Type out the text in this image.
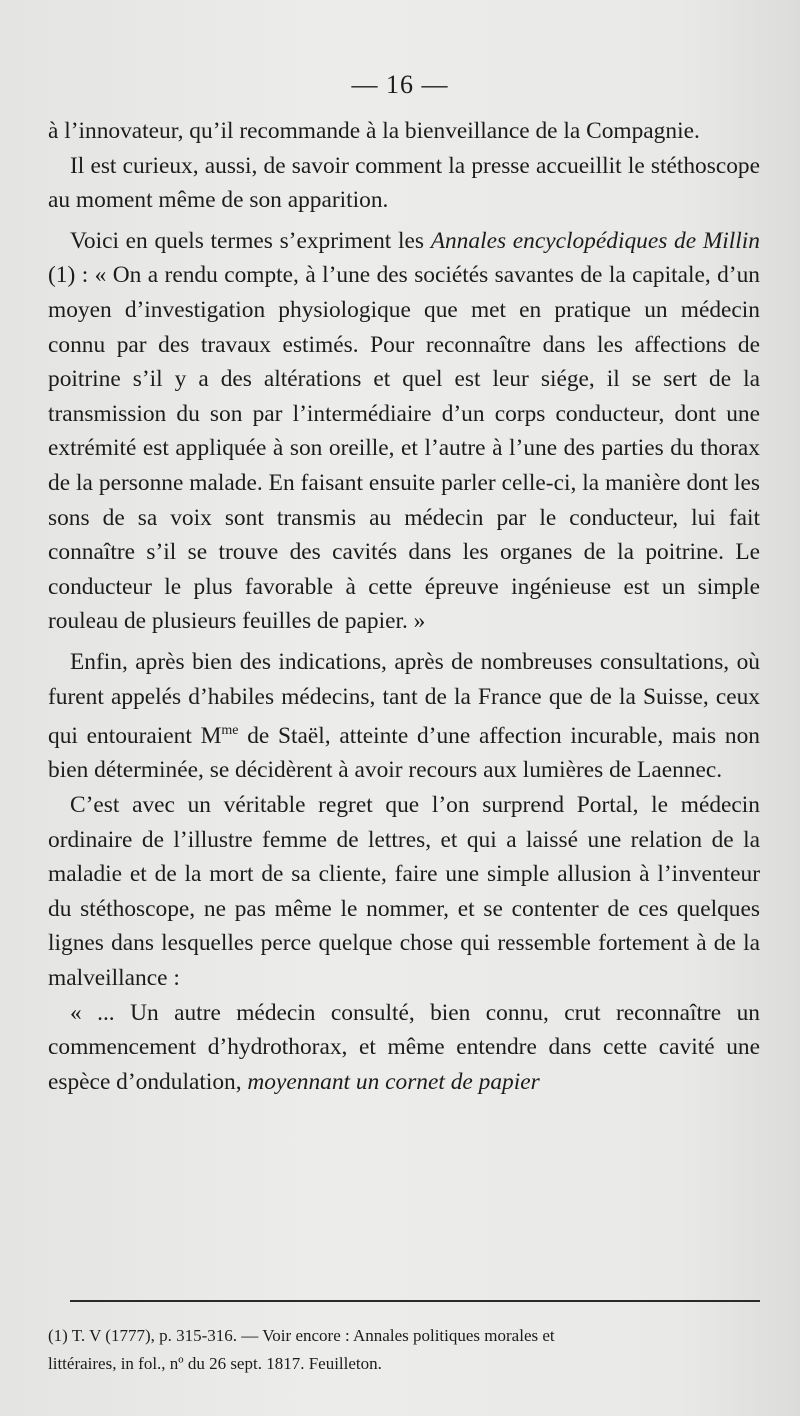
— 16 —

à l’innovateur, qu’il recommande à la bienveillance de la Compagnie.

Il est curieux, aussi, de savoir comment la presse accueillit le stéthoscope au moment même de son apparition.

Voici en quels termes s’expriment les Annales encyclopédiques de Millin (1) : « On a rendu compte, à l’une des sociétés savantes de la capitale, d’un moyen d’investigation physiologique que met en pratique un médecin connu par des travaux estimés. Pour reconnaître dans les affections de poitrine s’il y a des altérations et quel est leur siége, il se sert de la transmission du son par l’intermédiaire d’un corps conducteur, dont une extrémité est appliquée à son oreille, et l’autre à l’une des parties du thorax de la personne malade. En faisant ensuite parler celle-ci, la manière dont les sons de sa voix sont transmis au médecin par le conducteur, lui fait connaître s’il se trouve des cavités dans les organes de la poitrine. Le conducteur le plus favorable à cette épreuve ingénieuse est un simple rouleau de plusieurs feuilles de papier. »

Enfin, après bien des indications, après de nombreuses consultations, où furent appelés d’habiles médecins, tant de la France que de la Suisse, ceux qui entouraient $M^{me}$ de Staël, atteinte d’une affection incurable, mais non bien déterminée, se décidèrent à avoir recours aux lumières de Laennec.

C’est avec un véritable regret que l’on surprend Portal, le médecin ordinaire de l’illustre femme de lettres, et qui a laissé une relation de la maladie et de la mort de sa cliente, faire une simple allusion à l’inventeur du stéthoscope, ne pas même le nommer, et se contenter de ces quelques lignes dans lesquelles perce quelque chose qui ressemble fortement à de la malveillance :

« ... Un autre médecin consulté, bien connu, crut reconnaître un commencement d’hydrothorax, et même entendre dans cette cavité une espèce d’ondulation, moyennant un cornet de papier

(1) T. V (1777), p. 315-316. — Voir encore : Annales politiques morales et

littéraires, in fol., nº du 26 sept. 1817. Feuilleton.
